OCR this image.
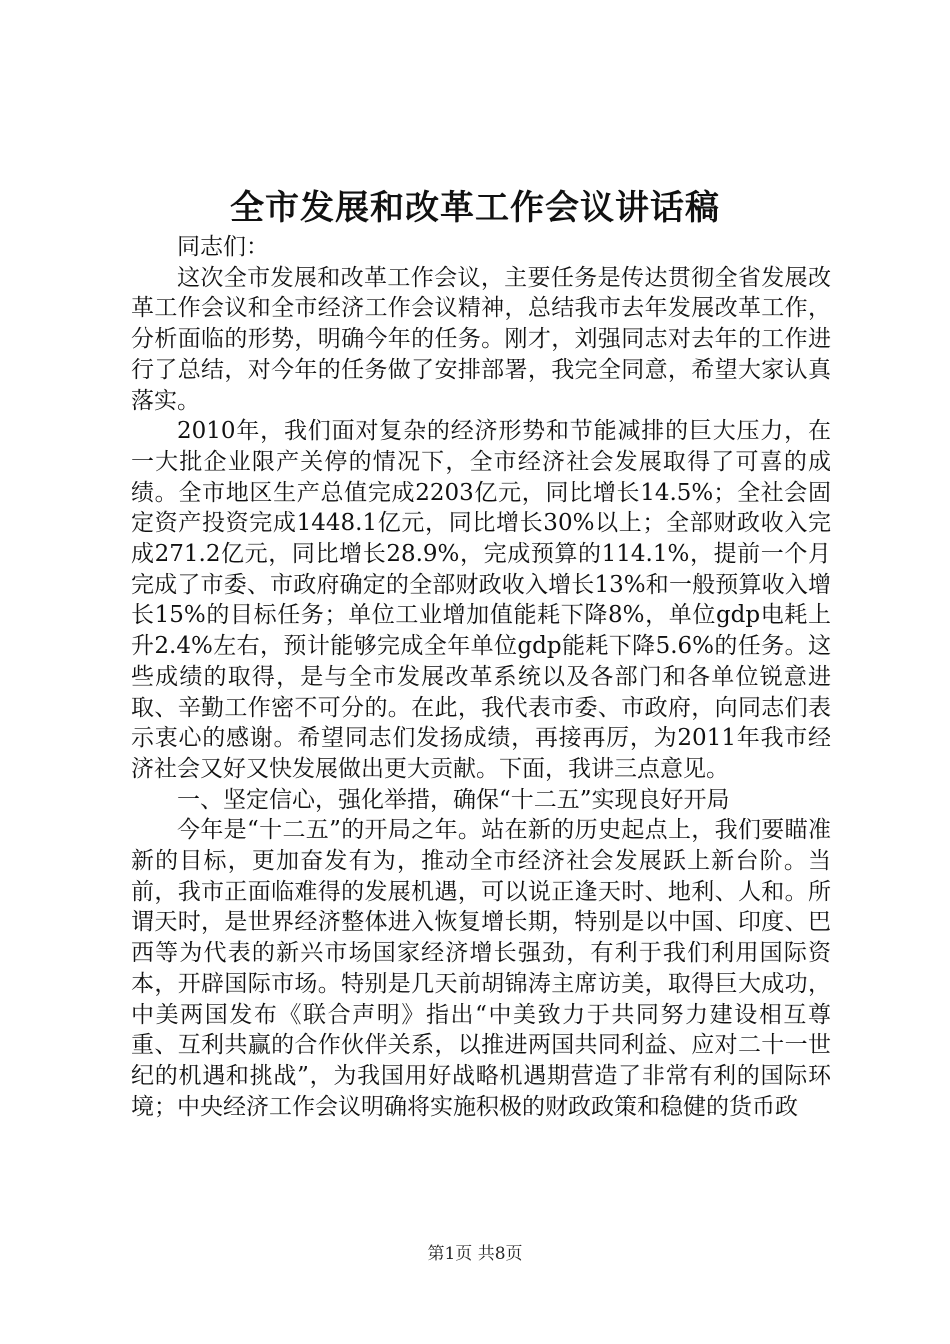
全市发展和改革工作会议讲话稿

同志们：

这次全市发展和改革工作会议，主要任务是传达贯彻全省发展改革工作会议和全市经济工作会议精神，总结我市去年发展改革工作，分析面临的形势，明确今年的任务。刚才，刘强同志对去年的工作进行了总结，对今年的任务做了安排部署，我完全同意，希望大家认真落实。

2010年，我们面对复杂的经济形势和节能减排的巨大压力，在一大批企业限产关停的情况下，全市经济社会发展取得了可喜的成绩。全市地区生产总值完成2203亿元，同比增长14.5%；全社会固定资产投资完成1448.1亿元，同比增长30%以上；全部财政收入完成271.2亿元，同比增长28.9%，完成预算的114.1%，提前一个月完成了市委、市政府确定的全部财政收入增长13%和一般预算收入增长15%的目标任务；单位工业增加值能耗下降8%，单位gdp电耗上升2.4%左右，预计能够完成全年单位gdp能耗下降5.6%的任务。这些成绩的取得，是与全市发展改革系统以及各部门和各单位锐意进取、辛勤工作密不可分的。在此，我代表市委、市政府，向同志们表示衷心的感谢。希望同志们发扬成绩，再接再厉，为2011年我市经济社会又好又快发展做出更大贡献。下面，我讲三点意见。

一、坚定信心，强化举措，确保“十二五”实现良好开局

今年是“十二五”的开局之年。站在新的历史起点上，我们要瞄准新的目标，更加奋发有为，推动全市经济社会发展跃上新台阶。当前，我市正面临难得的发展机遇，可以说正逢天时、地利、人和。所谓天时，是世界经济整体进入恢复增长期，特别是以中国、印度、巴西等为代表的新兴市场国家经济增长强劲，有利于我们利用国际资本，开辟国际市场。特别是几天前胡锦涛主席访美，取得巨大成功，中美两国发布《联合声明》指出“中美致力于共同努力建设相互尊重、互利共赢的合作伙伴关系，以推进两国共同利益、应对二十一世纪的机遇和挑战”，为我国用好战略机遇期营造了非常有利的国际环境；中央经济工作会议明确将实施积极的财政政策和稳健的货币政

第1页 共8页
